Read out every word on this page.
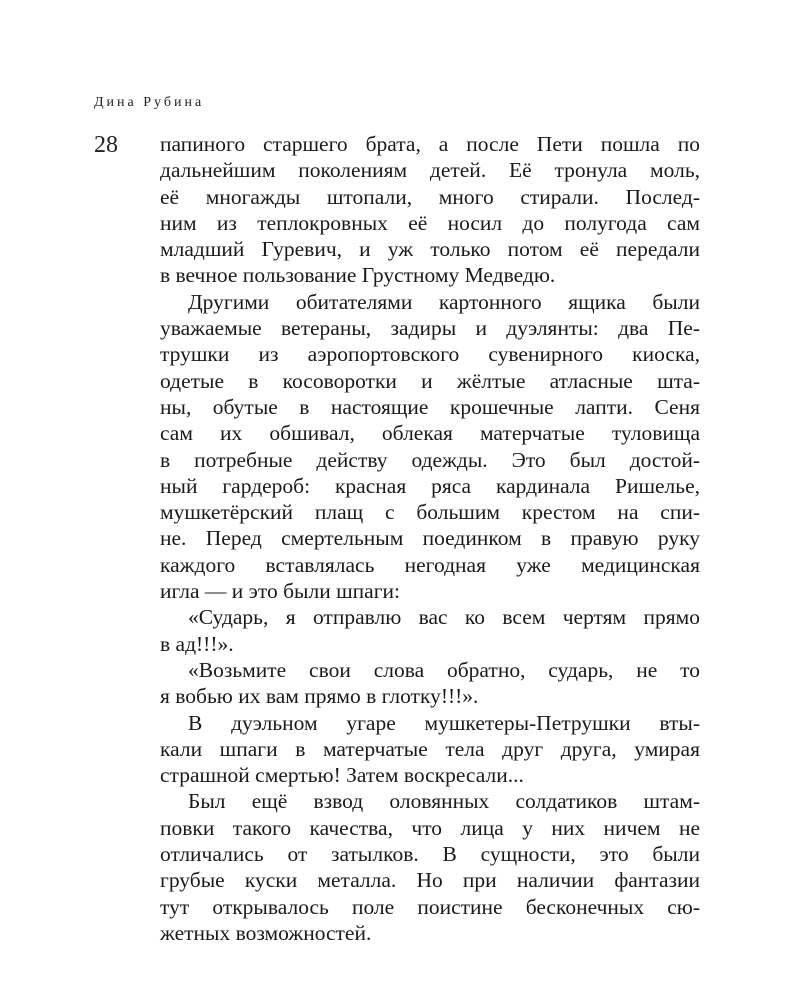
Дина Рубина
28 папиного старшего брата, а после Пети пошла по
дальнейшим поколениям детей. Её тронула моль,
её многажды штопали, много стирали. Послед-
ним из теплокровных её носил до полугода сам
младший Гуревич, и уж только потом её передали
в вечное пользование Грустному Медведю.
Другими обитателями картонного ящика были
уважаемые ветераны, задиры и дуэлянты: два Пе-
трушки из аэропортовского сувенирного киоска,
одетые в косоворотки и жёлтые атласные шта-
ны, обутые в настоящие крошечные лапти. Сеня
сам их обшивал, облекая матерчатые туловища
в потребные действу одежды. Это был достой-
ный гардероб: красная ряса кардинала Ришелье,
мушкетёрский плащ с большим крестом на спи-
не. Перед смертельным поединком в правую руку
каждого вставлялась негодная уже медицинская
игла — и это были шпаги:
«Сударь, я отправлю вас ко всем чертям прямо
в ад!!!».
«Возьмите свои слова обратно, сударь, не то
я вобью их вам прямо в глотку!!!».
В дуэльном угаре мушкетеры-Петрушки вты-
кали шпаги в матерчатые тела друг друга, умирая
страшной смертью! Затем воскресали...
Был ещё взвод оловянных солдатиков штам-
повки такого качества, что лица у них ничем не
отличались от затылков. В сущности, это были
грубые куски металла. Но при наличии фантазии
тут открывалось поле поистине бесконечных сю-
жетных возможностей.
